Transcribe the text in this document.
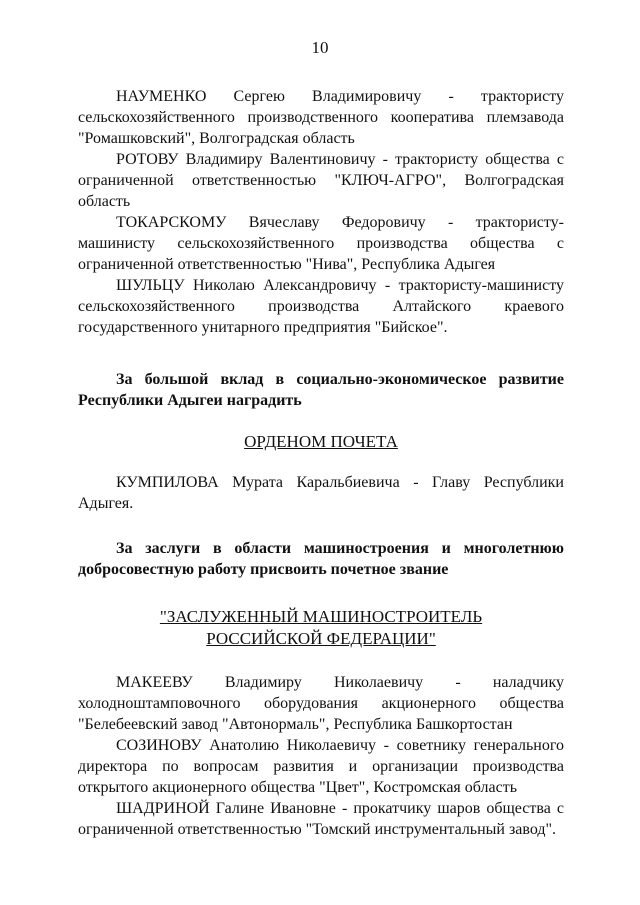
10

НАУМЕНКО Сергею Владимировичу - трактористу сельскохозяйственного производственного кооператива племзавода "Ромашковский", Волгоградская область

РОТОВУ Владимиру Валентиновичу - трактористу общества с ограниченной ответственностью "КЛЮЧ-АГРО", Волгоградская область

ТОКАРСКОМУ Вячеславу Федоровичу - трактористу-машинисту сельскохозяйственного производства общества с ограниченной ответственностью "Нива", Республика Адыгея

ШУЛЬЦУ Николаю Александровичу - трактористу-машинисту сельскохозяйственного производства Алтайского краевого государственного унитарного предприятия "Бийское".

За большой вклад в социально-экономическое развитие Республики Адыгеи наградить

ОРДЕНОМ ПОЧЕТА

КУМПИЛОВА Мурата Каральбиевича - Главу Республики Адыгея.

За заслуги в области машиностроения и многолетнюю добросовестную работу присвоить почетное звание

"ЗАСЛУЖЕННЫЙ МАШИНОСТРОИТЕЛЬ

РОССИЙСКОЙ ФЕДЕРАЦИИ"

МАКЕЕВУ Владимиру Николаевичу - наладчику холодноштамповочного оборудования акционерного общества "Белебеевский завод "Автонормаль", Республика Башкортостан

СОЗИНОВУ Анатолию Николаевичу - советнику генерального директора по вопросам развития и организации производства открытого акционерного общества "Цвет", Костромская область

ШАДРИНОЙ Галине Ивановне - прокатчику шаров общества с ограниченной ответственностью "Томский инструментальный завод".
